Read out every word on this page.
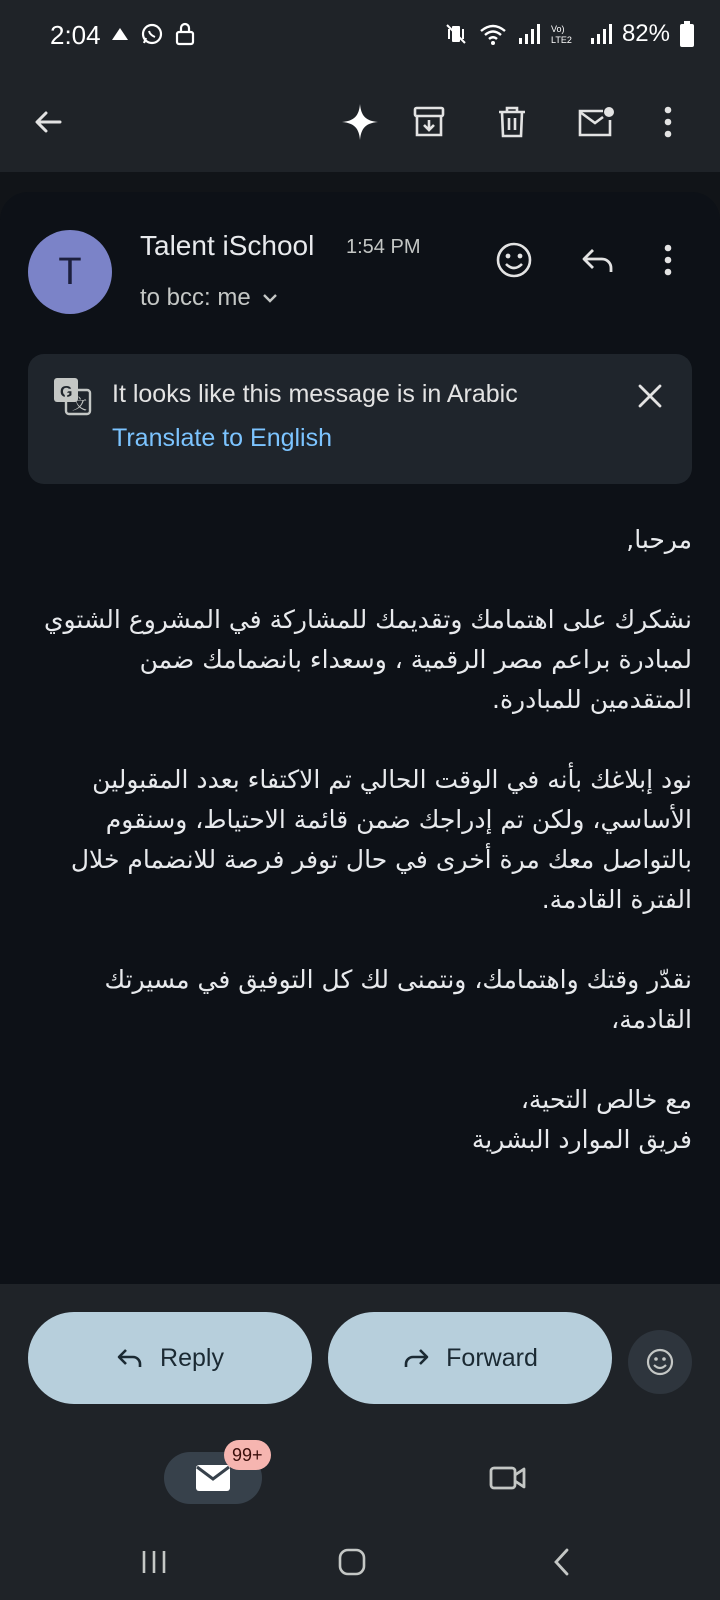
2:04	Vo)
LTE2 82%
T
Talent iSchool 1:54 PM
to bcc: me
G
文 It looks like this message is in Arabic
Translate to English

مرحبا,

نشكرك على اهتمامك وتقديمك للمشاركة في المشروع الشتوي لمبادرة براعم مصر الرقمية ، وسعداء بانضمامك ضمن المتقدمين للمبادرة.

نود إبلاغك بأنه في الوقت الحالي تم الاكتفاء بعدد المقبولين الأساسي، ولكن تم إدراجك ضمن قائمة الاحتياط، وسنقوم بالتواصل معك مرة أخرى في حال توفر فرصة للانضمام خلال الفترة القادمة.

نقدّر وقتك واهتمامك، ونتمنى لك كل التوفيق في مسيرتك القادمة،

مع خالص التحية،

فريق الموارد البشرية

Reply	Forward
99+
